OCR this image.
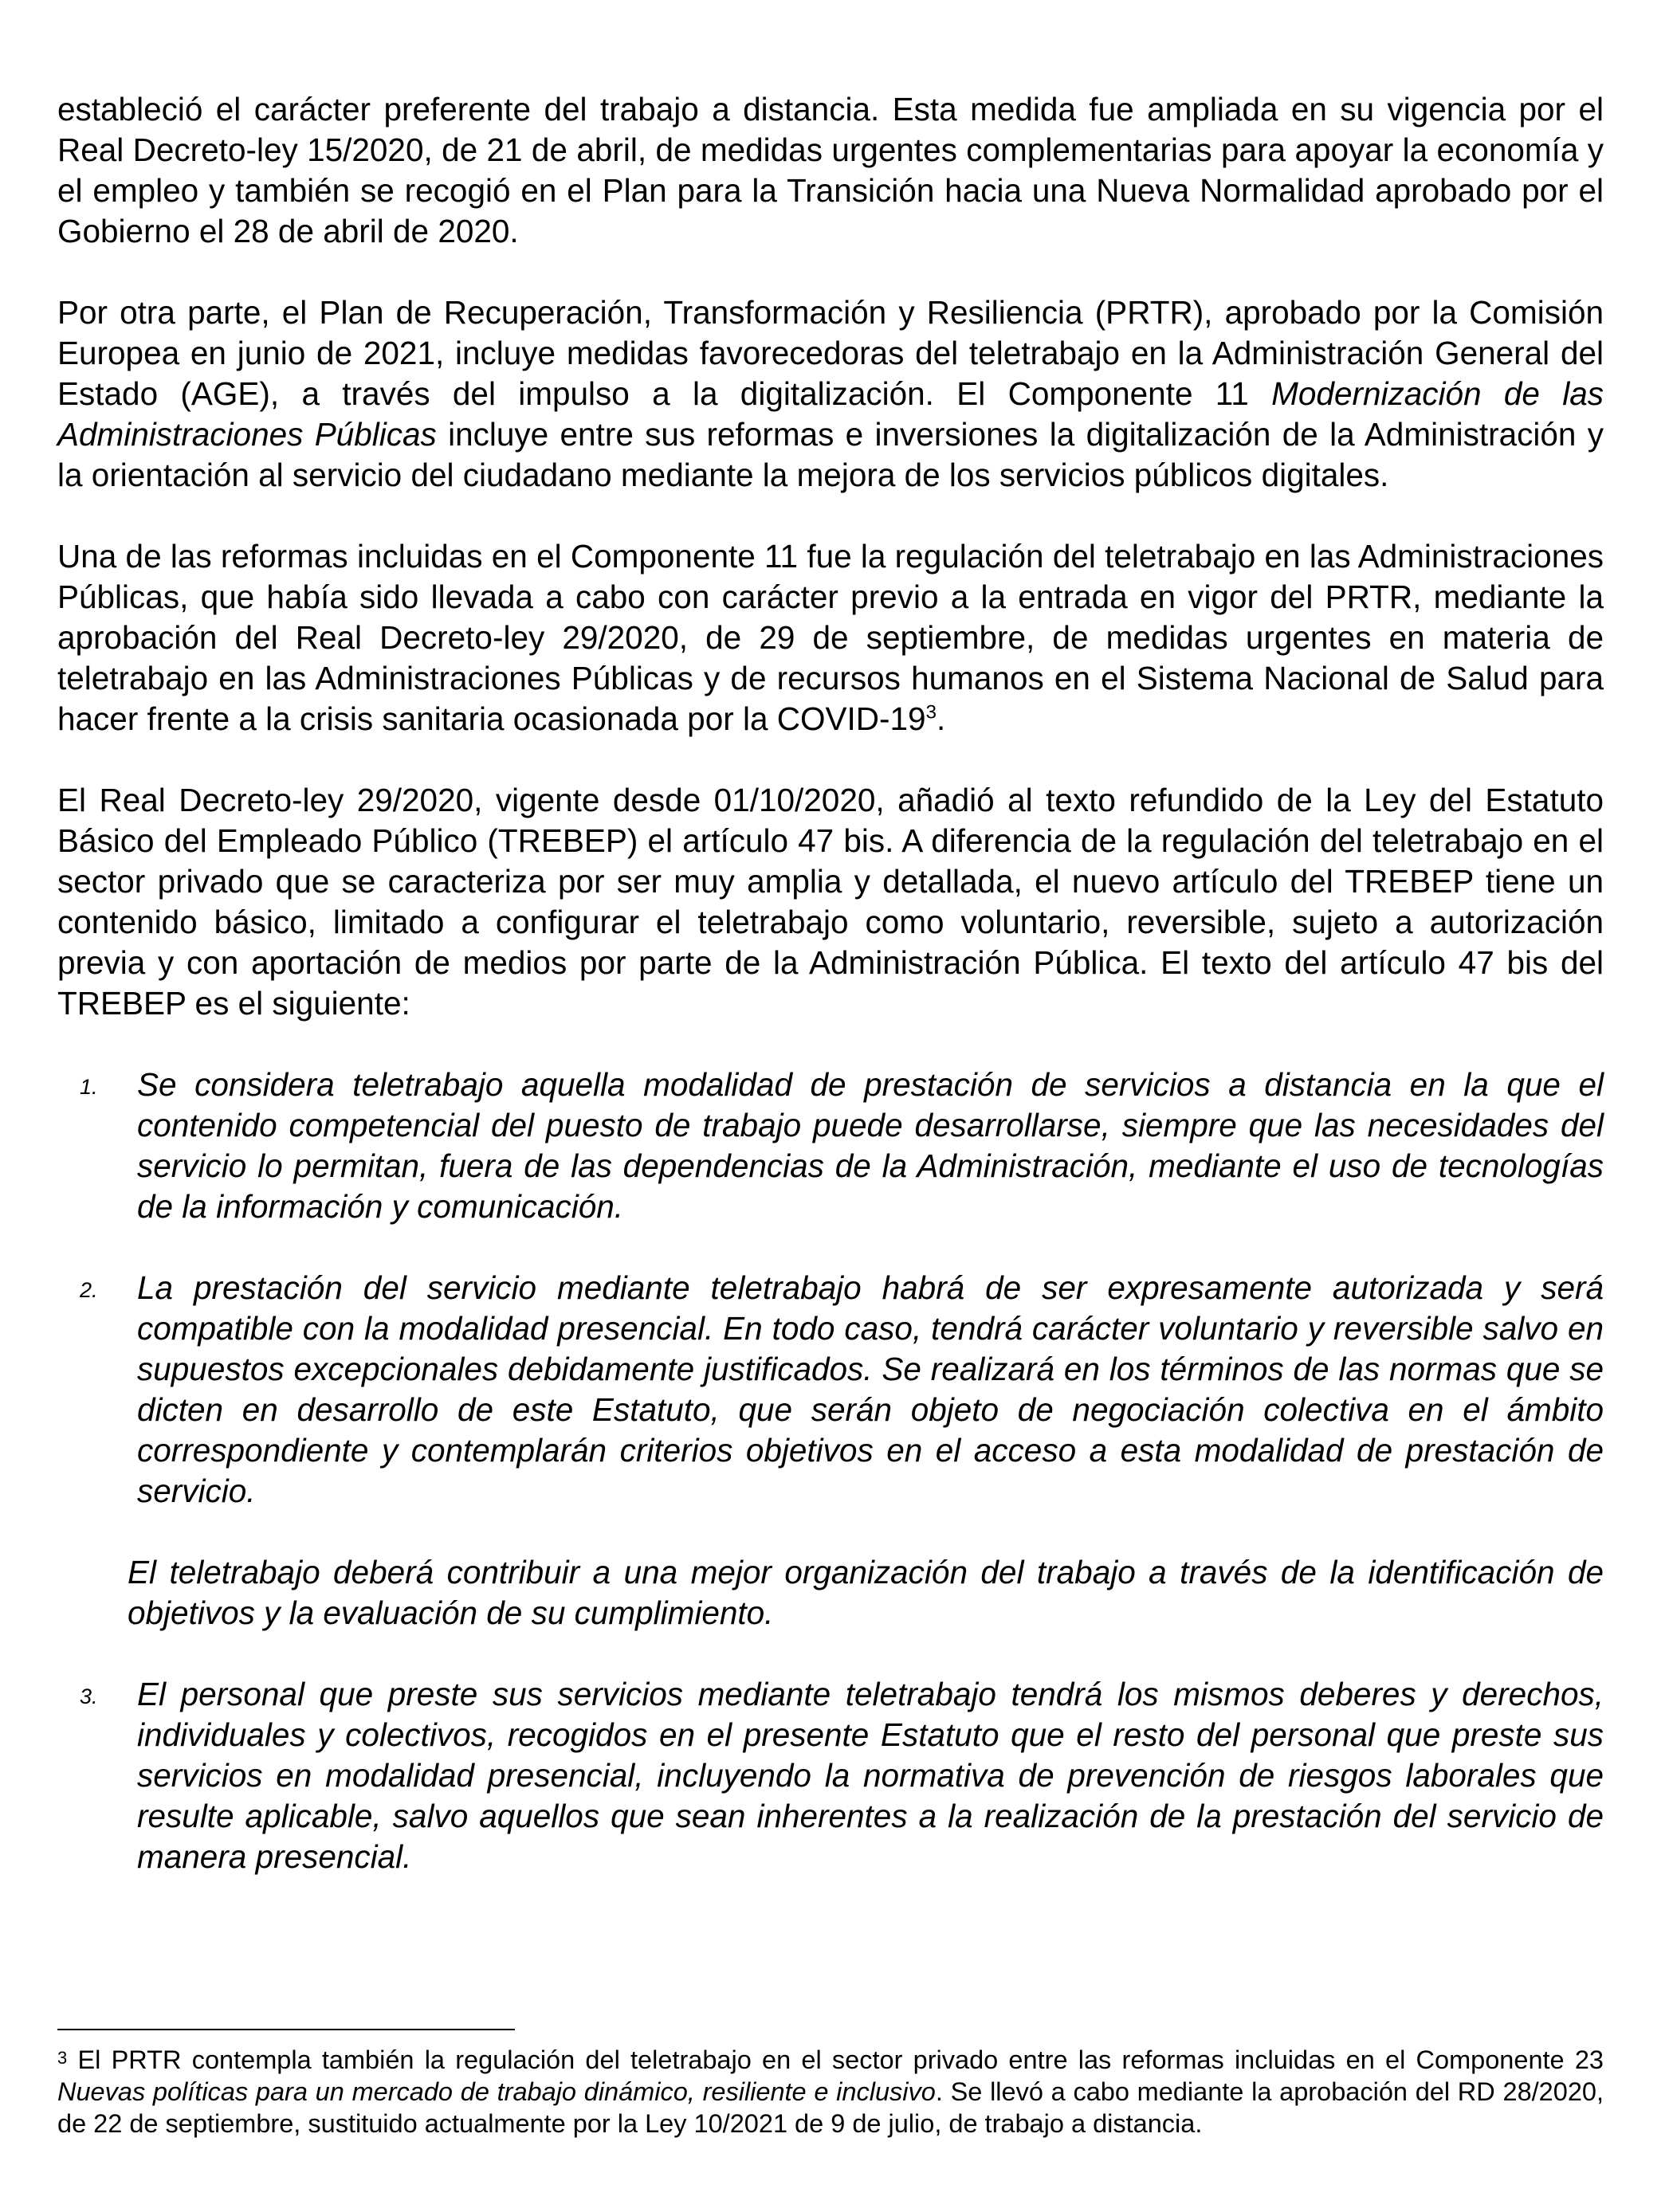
estableció el carácter preferente del trabajo a distancia. Esta medida fue ampliada en su vigencia por el Real Decreto-ley 15/2020, de 21 de abril, de medidas urgentes complementarias para apoyar la economía y el empleo y también se recogió en el Plan para la Transición hacia una Nueva Normalidad aprobado por el Gobierno el 28 de abril de 2020.

Por otra parte, el Plan de Recuperación, Transformación y Resiliencia (PRTR), aprobado por la Comisión Europea en junio de 2021, incluye medidas favorecedoras del teletrabajo en la Administración General del Estado (AGE), a través del impulso a la digitalización. El Componente 11 Modernización de las Administraciones Públicas incluye entre sus reformas e inversiones la digitalización de la Administración y la orientación al servicio del ciudadano mediante la mejora de los servicios públicos digitales.

Una de las reformas incluidas en el Componente 11 fue la regulación del teletrabajo en las Administraciones Públicas, que había sido llevada a cabo con carácter previo a la entrada en vigor del PRTR, mediante la aprobación del Real Decreto-ley 29/2020, de 29 de septiembre, de medidas urgentes en materia de teletrabajo en las Administraciones Públicas y de recursos humanos en el Sistema Nacional de Salud para hacer frente a la crisis sanitaria ocasionada por la COVID-$19^3$.

El Real Decreto-ley 29/2020, vigente desde 01/10/2020, añadió al texto refundido de la Ley del Estatuto Básico del Empleado Público (TREBEP) el artículo 47 bis. A diferencia de la regulación del teletrabajo en el sector privado que se caracteriza por ser muy amplia y detallada, el nuevo artículo del TREBEP tiene un contenido básico, limitado a configurar el teletrabajo como voluntario, reversible, sujeto a autorización previa y con aportación de medios por parte de la Administración Pública. El texto del artículo 47 bis del TREBEP es el siguiente:

1. Se considera teletrabajo aquella modalidad de prestación de servicios a distancia en la que el contenido competencial del puesto de trabajo puede desarrollarse, siempre que las necesidades del servicio lo permitan, fuera de las dependencias de la Administración, mediante el uso de tecnologías de la información y comunicación.
2. La prestación del servicio mediante teletrabajo habrá de ser expresamente autorizada y será compatible con la modalidad presencial. En todo caso, tendrá carácter voluntario y reversible salvo en supuestos excepcionales debidamente justificados. Se realizará en los términos de las normas que se dicten en desarrollo de este Estatuto, que serán objeto de negociación colectiva en el ámbito correspondiente y contemplarán criterios objetivos en el acceso a esta modalidad de prestación de servicio.

El teletrabajo deberá contribuir a una mejor organización del trabajo a través de la identificación de objetivos y la evaluación de su cumplimiento.

3. El personal que preste sus servicios mediante teletrabajo tendrá los mismos deberes y derechos, individuales y colectivos, recogidos en el presente Estatuto que el resto del personal que preste sus servicios en modalidad presencial, incluyendo la normativa de prevención de riesgos laborales que resulte aplicable, salvo aquellos que sean inherentes a la realización de la prestación del servicio de manera presencial.
$^3$ El PRTR contempla también la regulación del teletrabajo en el sector privado entre las reformas incluidas en el Componente 23 Nuevas políticas para un mercado de trabajo dinámico, resiliente e inclusivo. Se llevó a cabo mediante la aprobación del RD 28/2020, de 22 de septiembre, sustituido actualmente por la Ley 10/2021 de 9 de julio, de trabajo a distancia.
